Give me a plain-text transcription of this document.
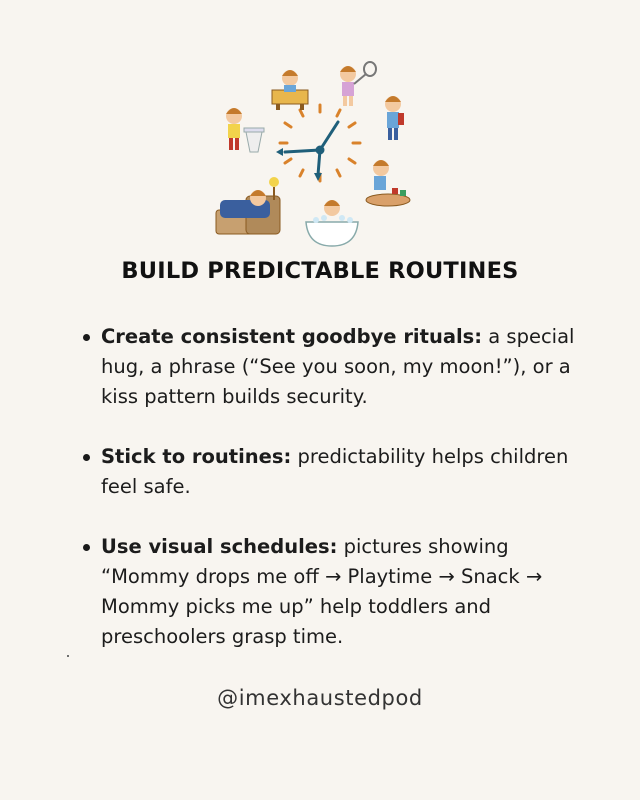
BUILD PREDICTABLE ROUTINES
Create consistent goodbye rituals: a special hug, a phrase (“See you soon, my moon!”), or a kiss pattern builds security.
Stick to routines: predictability helps children feel safe.
Use visual schedules: pictures showing “Mommy drops me off → Playtime → Snack → Mommy picks me up” help toddlers and preschoolers grasp time.
@imexhaustedpod
